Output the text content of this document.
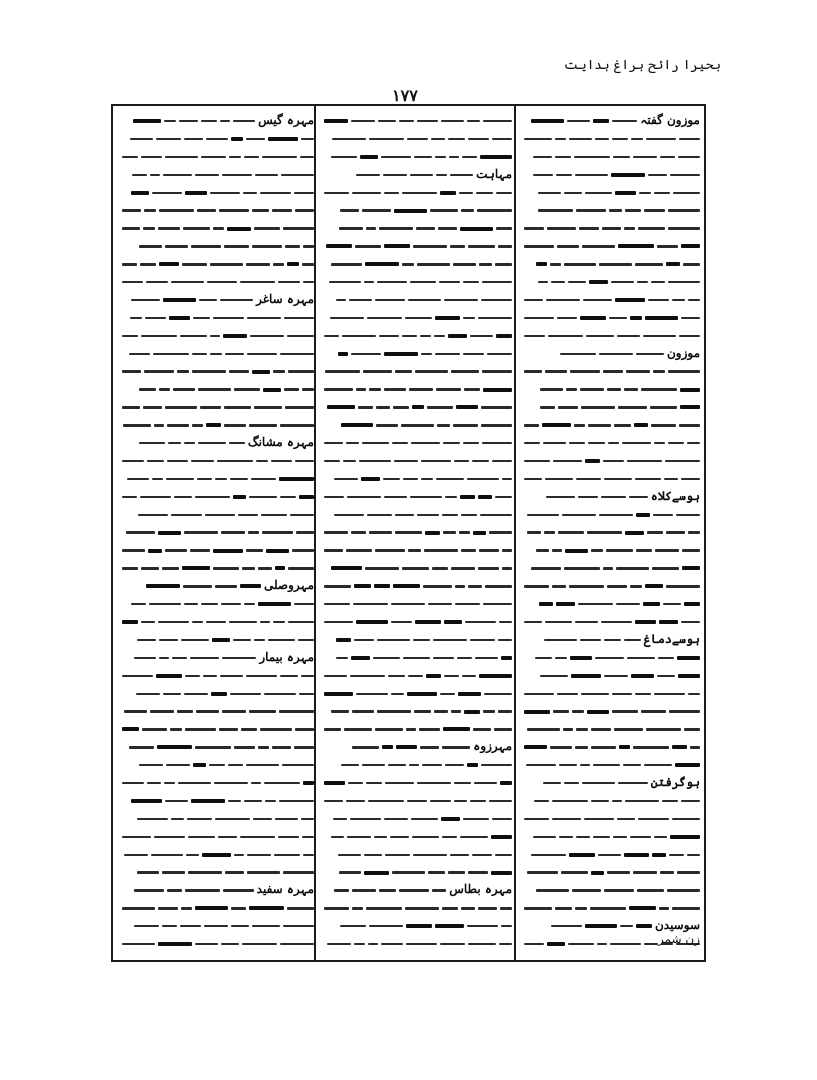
بحیرا رائح ہراغ ہدایت
۱۷۷
موزون گفتہ
موزون
ہوسےکلاہ
ہوسےدماغ
ہوگرفتن
سوسیدن
مہاہت
مہرزوہ
مہرہ بطاس
مہرہ گیس
مہرہ ساغر
مہرہ مشانگ
مہروصلی
مہرہ بیمار
مہرہ سفید
زن شمر
